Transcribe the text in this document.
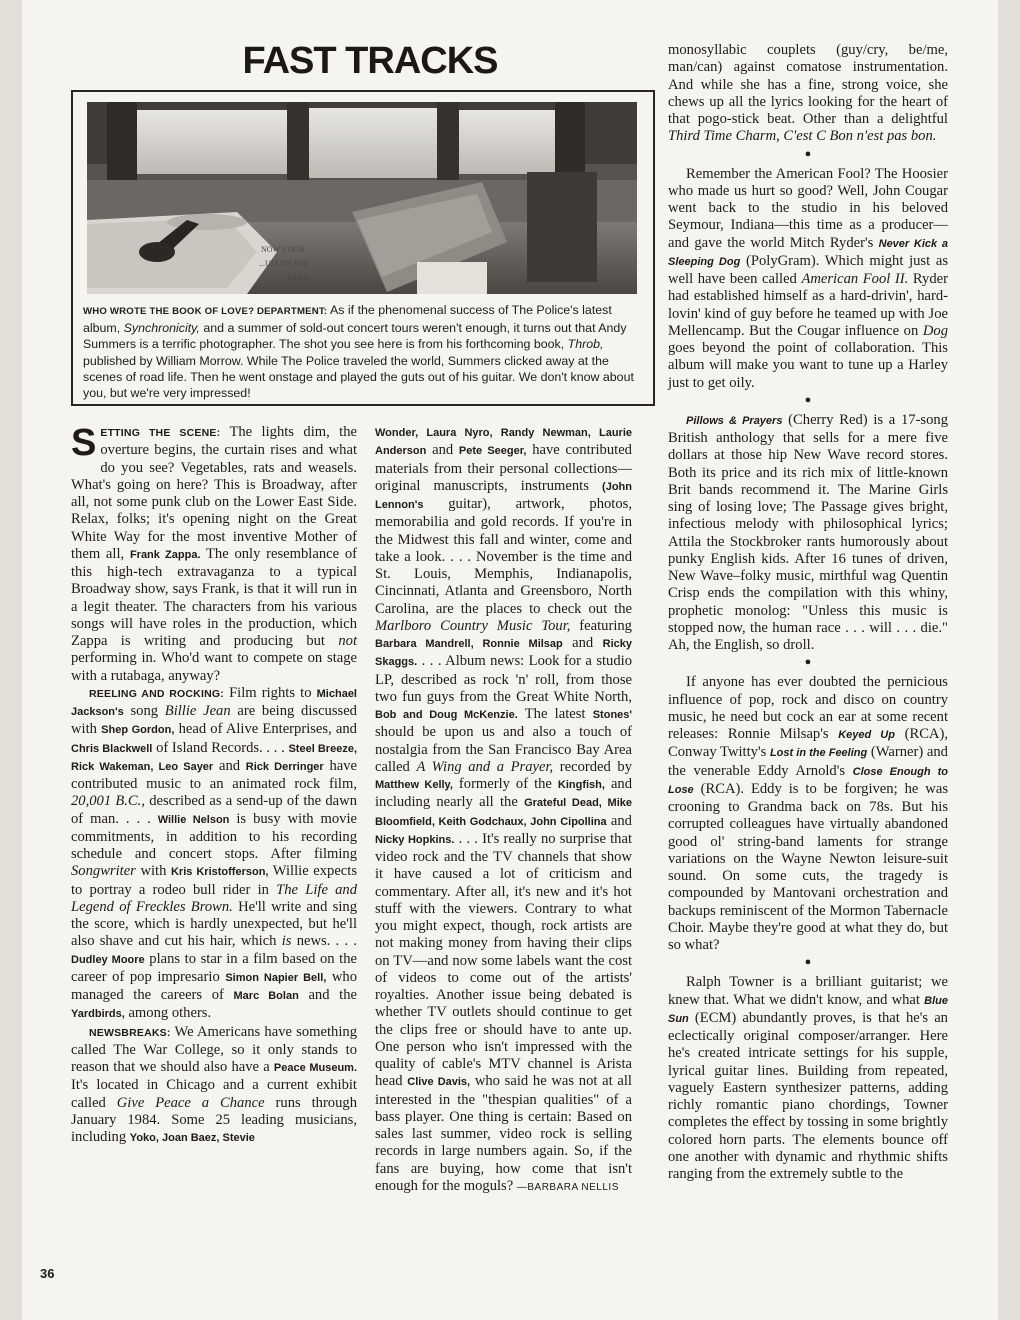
FAST TRACKS
NOW YOUR
...UM ON THE
FIELD
WHO WROTE THE BOOK OF LOVE? DEPARTMENT: As if the phenomenal success of The Police's latest album, Synchronicity, and a summer of sold-out concert tours weren't enough, it turns out that Andy Summers is a terrific photographer. The shot you see here is from his forthcoming book, Throb, published by William Morrow. While The Police traveled the world, Summers clicked away at the scenes of road life. Then he went onstage and played the guts out of his guitar. We don't know about you, but we're very impressed!

SETTING THE SCENE: The lights dim, the overture begins, the curtain rises and what do you see? Vegetables, rats and weasels. What's going on here? This is Broadway, after all, not some punk club on the Lower East Side. Relax, folks; it's opening night on the Great White Way for the most inventive Mother of them all, Frank Zappa. The only resemblance of this high-tech extravaganza to a typical Broadway show, says Frank, is that it will run in a legit theater. The characters from his various songs will have roles in the production, which Zappa is writing and producing but not performing in. Who'd want to compete on stage with a rutabaga, anyway?

REELING AND ROCKING: Film rights to Michael Jackson's song Billie Jean are being discussed with Shep Gordon, head of Alive Enterprises, and Chris Blackwell of Island Records. . . . Steel Breeze, Rick Wakeman, Leo Sayer and Rick Derringer have contributed music to an animated rock film, 20,001 B.C., described as a send-up of the dawn of man. . . . Willie Nelson is busy with movie commitments, in addition to his recording schedule and concert stops. After filming Songwriter with Kris Kristofferson, Willie expects to portray a rodeo bull rider in The Life and Legend of Freckles Brown. He'll write and sing the score, which is hardly unexpected, but he'll also shave and cut his hair, which is news. . . . Dudley Moore plans to star in a film based on the career of pop impresario Simon Napier Bell, who managed the careers of Marc Bolan and the Yardbirds, among others.

NEWSBREAKS: We Americans have something called The War College, so it only stands to reason that we should also have a Peace Museum. It's located in Chicago and a current exhibit called Give Peace a Chance runs through January 1984. Some 25 leading musicians, including Yoko, Joan Baez, Stevie

Wonder, Laura Nyro, Randy Newman, Laurie Anderson and Pete Seeger, have contributed materials from their personal collections—original manuscripts, instruments (John Lennon's guitar), artwork, photos, memorabilia and gold records. If you're in the Midwest this fall and winter, come and take a look. . . . November is the time and St. Louis, Memphis, Indianapolis, Cincinnati, Atlanta and Greensboro, North Carolina, are the places to check out the Marlboro Country Music Tour, featuring Barbara Mandrell, Ronnie Milsap and Ricky Skaggs. . . . Album news: Look for a studio LP, described as rock 'n' roll, from those two fun guys from the Great White North, Bob and Doug McKenzie. The latest Stones' should be upon us and also a touch of nostalgia from the San Francisco Bay Area called A Wing and a Prayer, recorded by Matthew Kelly, formerly of the Kingfish, and including nearly all the Grateful Dead, Mike Bloomfield, Keith Godchaux, John Cipollina and Nicky Hopkins. . . . It's really no surprise that video rock and the TV channels that show it have caused a lot of criticism and commentary. After all, it's new and it's hot stuff with the viewers. Contrary to what you might expect, though, rock artists are not making money from having their clips on TV—and now some labels want the cost of videos to come out of the artists' royalties. Another issue being debated is whether TV outlets should continue to get the clips free or should have to ante up. One person who isn't impressed with the quality of cable's MTV channel is Arista head Clive Davis, who said he was not at all interested in the "thespian qualities" of a bass player. One thing is certain: Based on sales last summer, video rock is selling records in large numbers again. So, if the fans are buying, how come that isn't enough for the moguls? —BARBARA NELLIS

monosyllabic couplets (guy/cry, be/me, man/can) against comatose instrumentation. And while she has a fine, strong voice, she chews up all the lyrics looking for the heart of that pogo-stick beat. Other than a delightful Third Time Charm, C'est C Bon n'est pas bon.

●

Remember the American Fool? The Hoosier who made us hurt so good? Well, John Cougar went back to the studio in his beloved Seymour, Indiana—this time as a producer—and gave the world Mitch Ryder's Never Kick a Sleeping Dog (PolyGram). Which might just as well have been called American Fool II. Ryder had established himself as a hard-drivin', hard-lovin' kind of guy before he teamed up with Joe Mellencamp. But the Cougar influence on Dog goes beyond the point of collaboration. This album will make you want to tune up a Harley just to get oily.

●

Pillows & Prayers (Cherry Red) is a 17-song British anthology that sells for a mere five dollars at those hip New Wave record stores. Both its price and its rich mix of little-known Brit bands recommend it. The Marine Girls sing of losing love; The Passage gives bright, infectious melody with philosophical lyrics; Attila the Stockbroker rants humorously about punky English kids. After 16 tunes of driven, New Wave–folky music, mirthful wag Quentin Crisp ends the compilation with this whiny, prophetic monolog: "Unless this music is stopped now, the human race . . . will . . . die." Ah, the English, so droll.

●

If anyone has ever doubted the pernicious influence of pop, rock and disco on country music, he need but cock an ear at some recent releases: Ronnie Milsap's Keyed Up (RCA), Conway Twitty's Lost in the Feeling (Warner) and the venerable Eddy Arnold's Close Enough to Lose (RCA). Eddy is to be forgiven; he was crooning to Grandma back on 78s. But his corrupted colleagues have virtually abandoned good ol' string-band laments for strange variations on the Wayne Newton leisure-suit sound. On some cuts, the tragedy is compounded by Mantovani orchestration and backups reminiscent of the Mormon Tabernacle Choir. Maybe they're good at what they do, but so what?

●

Ralph Towner is a brilliant guitarist; we knew that. What we didn't know, and what Blue Sun (ECM) abundantly proves, is that he's an eclectically original composer/arranger. Here he's created intricate settings for his supple, lyrical guitar lines. Building from repeated, vaguely Eastern synthesizer patterns, adding richly romantic piano chordings, Towner completes the effect by tossing in some brightly colored horn parts. The elements bounce off one another with dynamic and rhythmic shifts ranging from the extremely subtle to the

36
